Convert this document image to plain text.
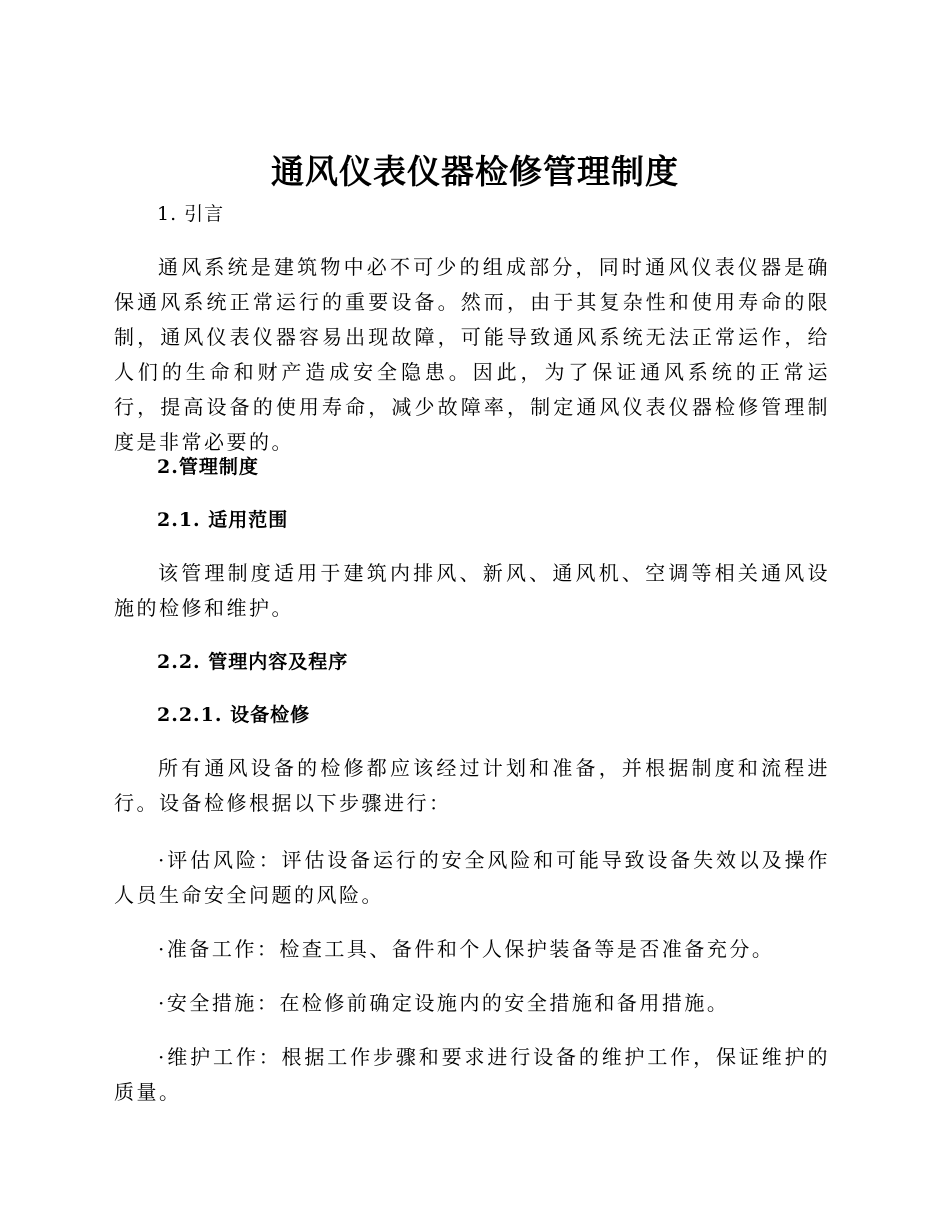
通风仪表仪器检修管理制度
1. 引言
通风系统是建筑物中必不可少的组成部分，同时通风仪表仪器是确保通风系统正常运行的重要设备。然而，由于其复杂性和使用寿命的限制，通风仪表仪器容易出现故障，可能导致通风系统无法正常运作，给人们的生命和财产造成安全隐患。因此，为了保证通风系统的正常运行，提高设备的使用寿命，减少故障率，制定通风仪表仪器检修管理制度是非常必要的。
2.管理制度
2.1. 适用范围
该管理制度适用于建筑内排风、新风、通风机、空调等相关通风设施的检修和维护。
2.2. 管理内容及程序
2.2.1. 设备检修
所有通风设备的检修都应该经过计划和准备，并根据制度和流程进行。设备检修根据以下步骤进行：
·评估风险：评估设备运行的安全风险和可能导致设备失效以及操作人员生命安全问题的风险。
·准备工作：检查工具、备件和个人保护装备等是否准备充分。
·安全措施：在检修前确定设施内的安全措施和备用措施。
·维护工作：根据工作步骤和要求进行设备的维护工作，保证维护的质量。
